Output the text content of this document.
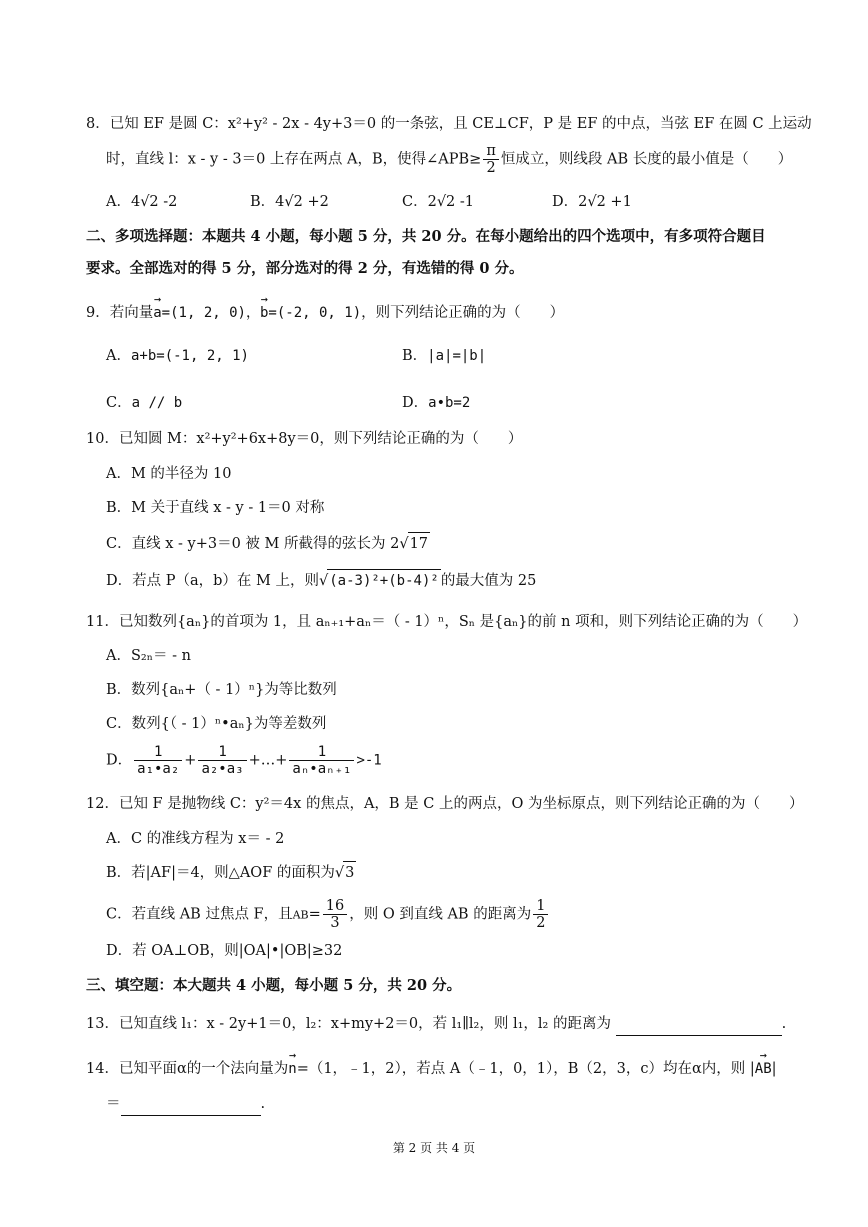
8．已知 EF 是圆 C：x²+y² - 2x - 4y+3＝0 的一条弦，且 CE⊥CF，P 是 EF 的中点，当弦 EF 在圆 C 上运动
时，直线 l：x - y - 3＝0 上存在两点 A，B，使得∠APB≥ $\frac{\pi}{2}$ 恒成立，则线段 AB 长度的最小值是（　　）
A．4√2 -2	B．4√2 +2	C．2√2 -1	D．2√2 +1
二、多项选择题：本题共 4 小题，每小题 5 分，共 20 分。在每小题给出的四个选项中，有多项符合题目
要求。全部选对的得 5 分，部分选对的得 2 分，有选错的得 0 分。
9．若向量→ a=(1, 2, 0)，→ b=(-2, 0, 1)，则下列结论正确的为（　　）
A．a+b=(-1, 2, 1)	B．|a|=|b|
C．a // b	D．a•b=2
10．已知圆 M：x²+y²+6x+8y＝0，则下列结论正确的为（　　）
A．M 的半径为 10
B．M 关于直线 x - y - 1＝0 对称
C．直线 x - y+3＝0 被 M 所截得的弦长为 2√17
D．若点 P（a，b）在 M 上，则√(a-3)²+(b-4)² 的最大值为 25
11．已知数列{aₙ}的首项为 1，且 aₙ₊₁+aₙ＝（ - 1）ⁿ，Sₙ 是{aₙ}的前 n 项和，则下列结论正确的为（　　）
A．S₂ₙ＝ - n
B．数列{aₙ+（ - 1）ⁿ}为等比数列
C．数列{（ - 1）ⁿ•aₙ}为等差数列
D． $\frac{1}{\text{a₁•a₂}} + \frac{1}{\text{a₂•a₃}}$ +…+ $\frac{1}{\text{aₙ•aₙ₊₁}} >-1$
12．已知 F 是抛物线 C：y²＝4x 的焦点，A，B 是 C 上的两点，O 为坐标原点，则下列结论正确的为（　　）
A．C 的准线方程为 x＝ - 2
B．若|AF|＝4，则△AOF 的面积为√3
C．若直线 AB 过焦点 F，且$AB= \frac{16}{3}$ ，则 O 到直线 AB 的距离为 $\frac{1}{2}$
D．若 OA⊥OB，则|OA|•|OB|≥32
三、填空题：本大题共 4 小题，每小题 5 分，共 20 分。
13．已知直线 l₁：x - 2y+1＝0，l₂：x+my+2＝0，若 l₁∥l₂，则 l₁，l₂ 的距离为	.
14．已知平面α的一个法向量为→ n=（1，﹣1，2），若点 A（﹣1，0，1），B（2，3，c）均在α内，则 |→ AB|
＝	.
第 2 页 共 4 页
